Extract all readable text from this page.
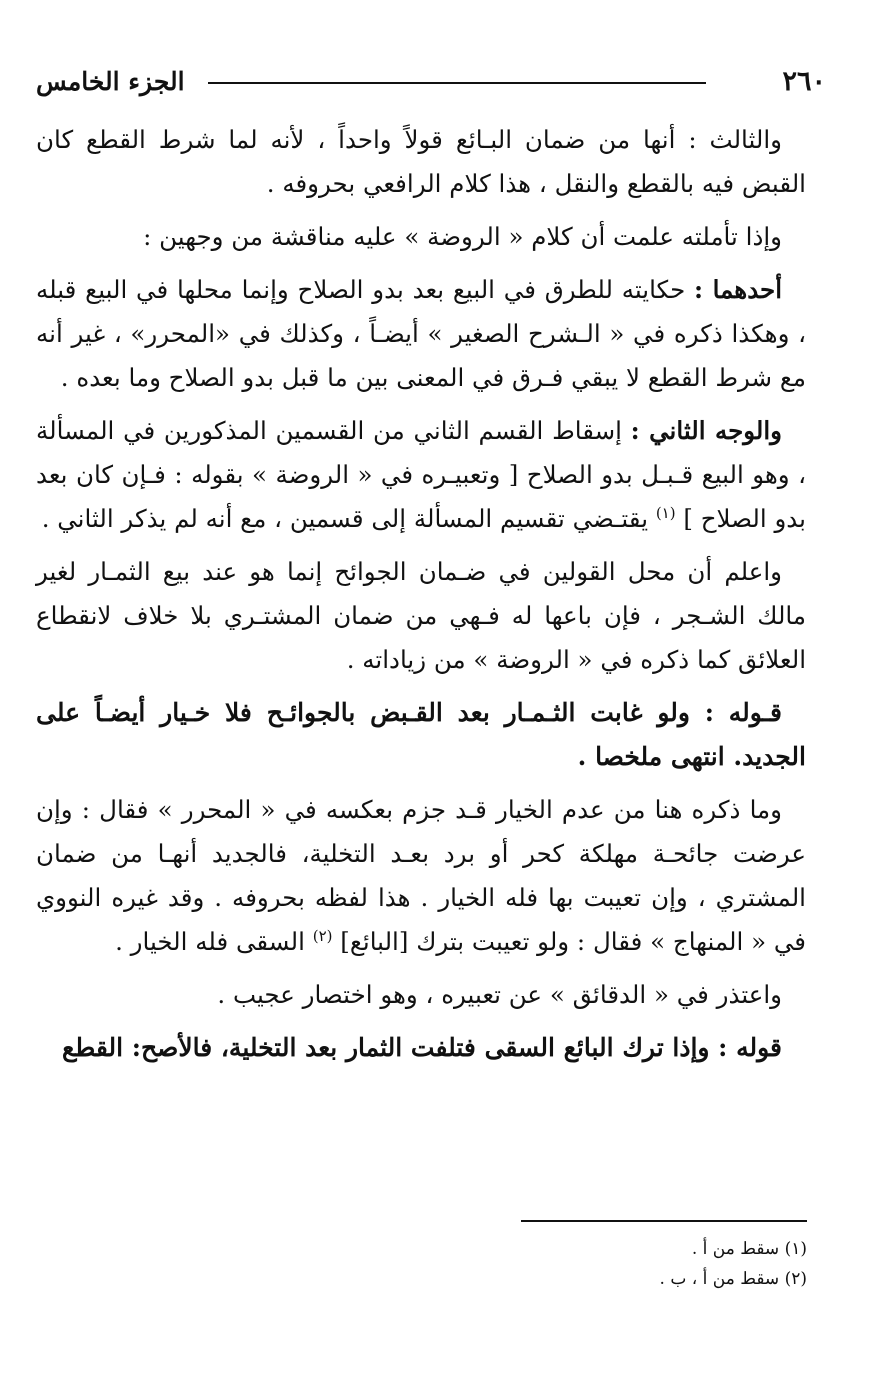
٢٦٠
الجزء الخامس

والثالث : أنها من ضمان البـائع قولاً واحداً ، لأنه لما شرط القطع كان القبض فيه بالقطع والنقل ، هذا كلام الرافعي بحروفه .

وإذا تأملته علمت أن كلام « الروضة » عليه مناقشة من وجهين :

أحدهما : حكايته للطرق في البيع بعد بدو الصلاح وإنما محلها في البيع قبله ، وهكذا ذكره في « الـشرح الصغير » أيضـاً ، وكذلك في «المحرر» ، غير أنه مع شرط القطع لا يبقي فـرق في المعنى بين ما قبل بدو الصلاح وما بعده .

والوجه الثاني : إسقاط القسم الثاني من القسمين المذكورين في المسألة ، وهو البيع قـبـل بدو الصلاح [ وتعبيـره في « الروضة » بقوله : فـإن كان بعد بدو الصلاح ] $^{(١)}$ يقتـضي تقسيم المسألة إلى قسمين ، مع أنه لم يذكر الثاني .

واعلم أن محل القولين في ضـمان الجوائح إنما هو عند بيع الثمـار لغير مالك الشـجر ، فإن باعها له فـهي من ضمان المشتـري بلا خلاف لانقطاع العلائق كما ذكره في « الروضة » من زياداته .

قـوله : ولو غابت الثـمـار بعد القـبض بالجوائـح فلا خـيار أيضـاً على الجديد. انتهى ملخصا .

وما ذكره هنا من عدم الخيار قـد جزم بعكسه في « المحرر » فقال : وإن عرضت جائحـة مهلكة كحر أو برد بعـد التخلية، فالجديد أنهـا من ضمان المشتري ، وإن تعيبت بها فله الخيار . هذا لفظه بحروفه . وقد غيره النووي في « المنهاج » فقال : ولو تعيبت بترك [البائع] $^{(٢)}$ السقى فله الخيار .

واعتذر في « الدقائق » عن تعبيره ، وهو اختصار عجيب .

قوله : وإذا ترك البائع السقى فتلفت الثمار بعد التخلية، فالأصح: القطع

(١) سقط من أ .

(٢) سقط من أ ، ب .
